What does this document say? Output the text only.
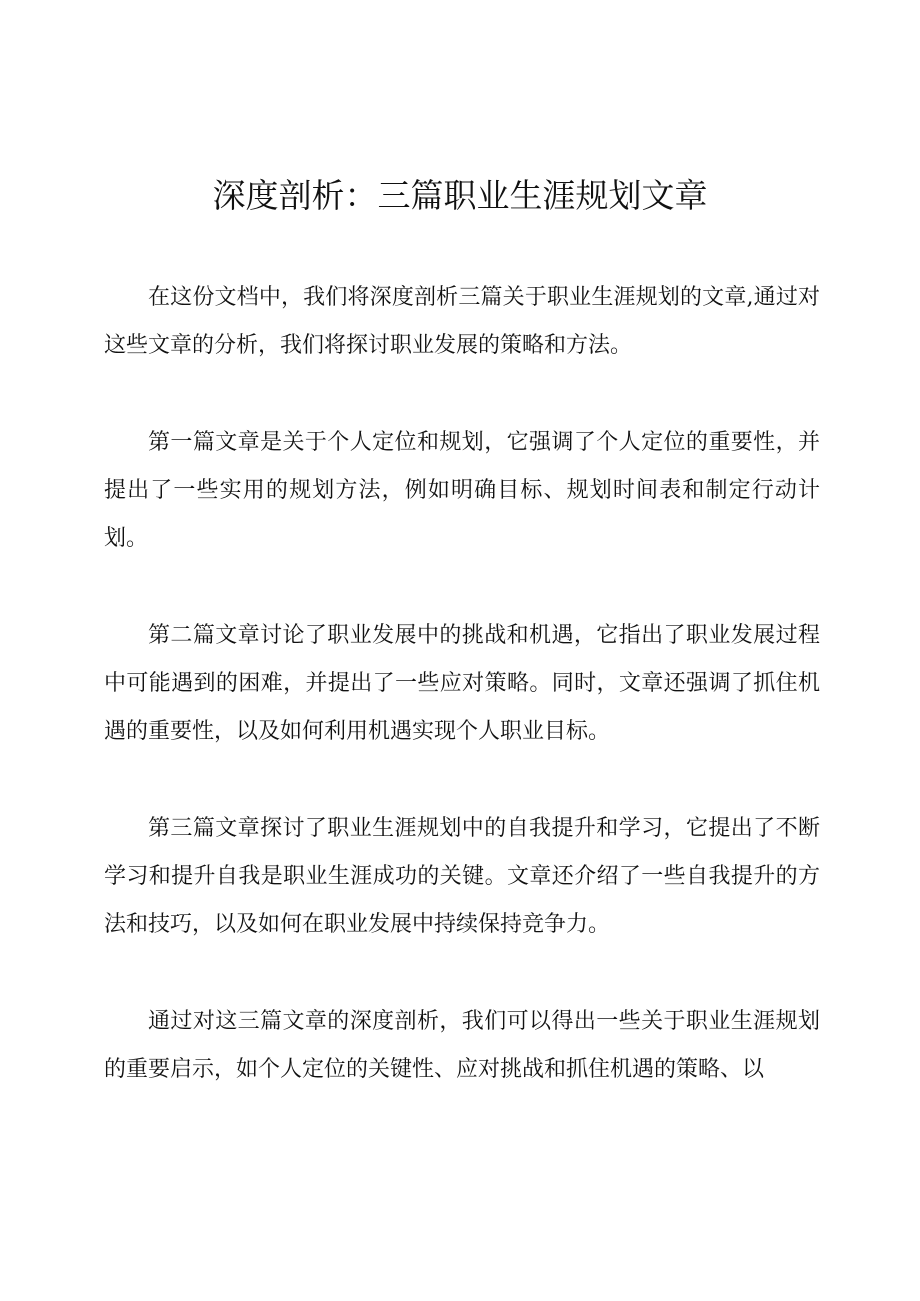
深度剖析：三篇职业生涯规划文章

在这份文档中，我们将深度剖析三篇关于职业生涯规划的文章,通过对这些文章的分析，我们将探讨职业发展的策略和方法。

第一篇文章是关于个人定位和规划，它强调了个人定位的重要性，并提出了一些实用的规划方法，例如明确目标、规划时间表和制定行动计划。

第二篇文章讨论了职业发展中的挑战和机遇，它指出了职业发展过程中可能遇到的困难，并提出了一些应对策略。同时，文章还强调了抓住机遇的重要性，以及如何利用机遇实现个人职业目标。

第三篇文章探讨了职业生涯规划中的自我提升和学习，它提出了不断学习和提升自我是职业生涯成功的关键。文章还介绍了一些自我提升的方法和技巧，以及如何在职业发展中持续保持竞争力。

通过对这三篇文章的深度剖析，我们可以得出一些关于职业生涯规划的重要启示，如个人定位的关键性、应对挑战和抓住机遇的策略、以
